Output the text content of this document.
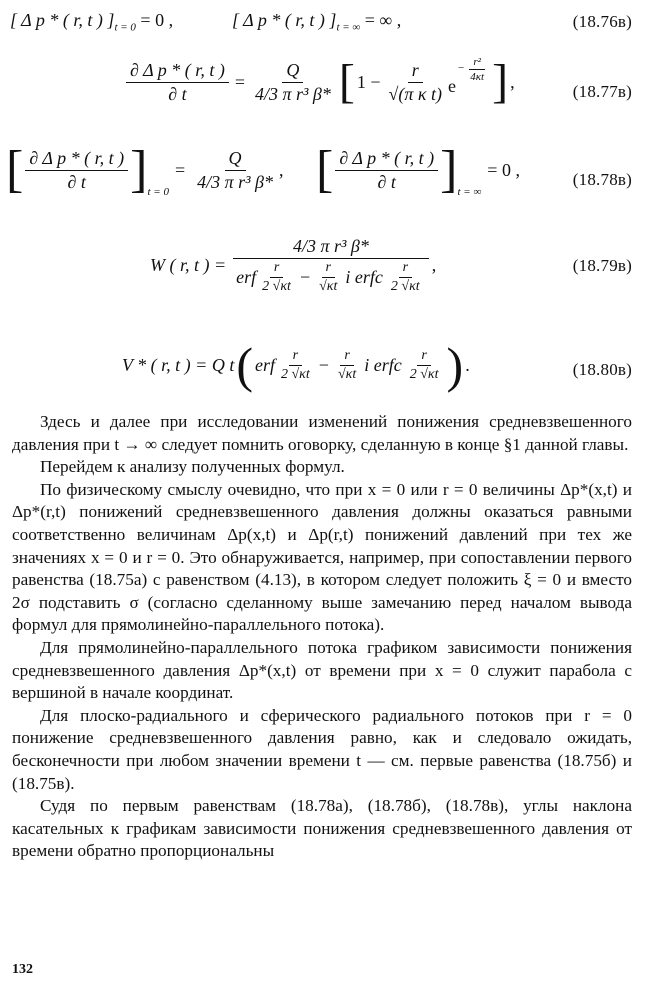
[ Δ p * ( r, t ) ]$_{t = 0} = 0$ ,	[ Δ p * ( r, t ) ]$_{t = \infty}$ = ∞ ,	(18.76в)
$\frac{\text{∂ Δ p * ( r, t )}}{\partial t} = \frac{Q}{\text{4/3 π r³ β*}}$ [ $1 - \frac{r}{\text{√(π κ t)}}$ e
− $\frac{\text{r²}}{4\kappa t}$ ] ,	(18.77в)
[ $\frac{\text{∂ Δ p * ( r, t )}}{\partial t}$ ] t = 0
= $\frac{Q}{\text{4/3 π r³ β*}}$ , [ $\frac{\text{∂ Δ p * ( r, t )}}{\partial t}$ ] t = ∞
= 0 ,	(18.78в)
W ( r, t ) =
4/3 π r³ β*
erf $\frac{r}{2 √\kappa t} - \frac{r}{√\kappa t}$ i erfc $\frac{r}{2 √\kappa t}$ ,	(18.79в)
V * ( r, t ) = Q t ( erf $\frac{r}{2 √\kappa t} - \frac{r}{√\kappa t}$ i erfc $\frac{r}{2 √\kappa t}$ ) .	(18.80в)

Здесь и далее при исследовании изменений понижения средневзвешенного давления при t → ∞ следует помнить оговорку, сделанную в конце §1 данной главы.

Перейдем к анализу полученных формул.

По физическому смыслу очевидно, что при x = 0 или r = 0 величины Δp*(x,t) и Δp*(r,t) понижений средневзвешенного давления должны оказаться равными соответственно величинам Δp(x,t) и Δp(r,t) понижений давлений при тех же значениях x = 0 и r = 0. Это обнаруживается, например, при сопоставлении первого равенства (18.75а) с равенством (4.13), в котором следует положить ξ = 0 и вместо 2σ подставить σ (согласно сделанному выше замечанию перед началом вывода формул для прямолинейно-параллельного потока).

Для прямолинейно-параллельного потока графиком зависимости понижения средневзвешенного давления Δp*(x,t) от времени при x = 0 служит парабола с вершиной в начале координат.

Для плоско-радиального и сферического радиального потоков при r = 0 понижение средневзвешенного давления равно, как и следовало ожидать, бесконечности при любом значении времени t — см. первые равенства (18.75б) и (18.75в).

Судя по первым равенствам (18.78а), (18.78б), (18.78в), углы наклона касательных к графикам зависимости понижения средневзвешенного давления от времени обратно пропорциональны

132
